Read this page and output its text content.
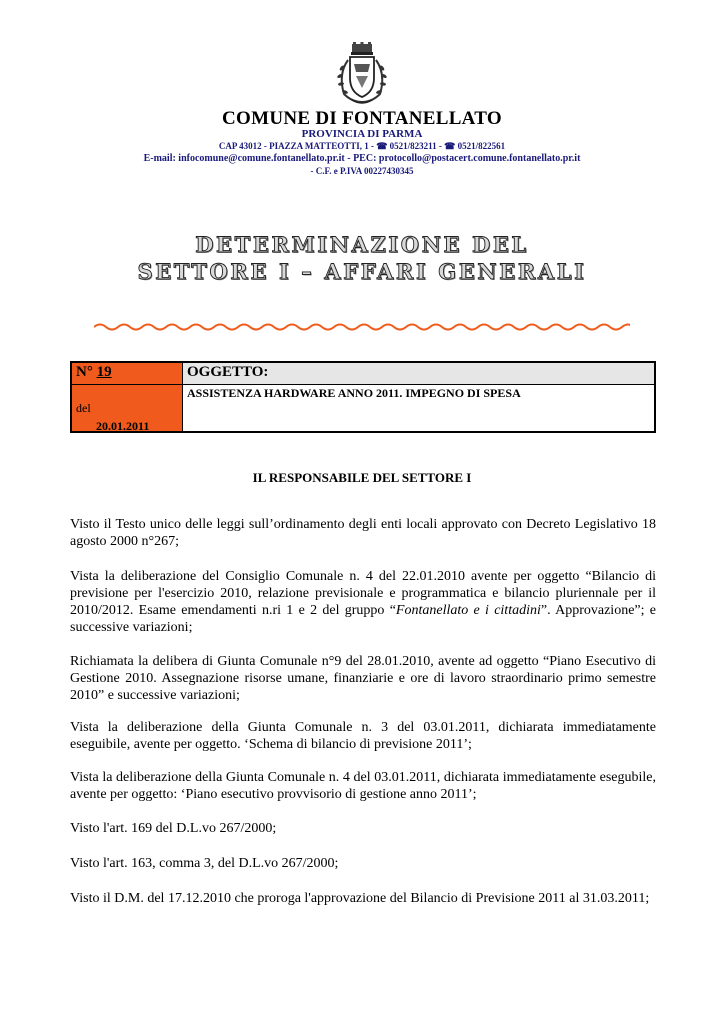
COMUNE DI FONTANELLATO
PROVINCIA DI PARMA
CAP 43012 - PIAZZA MATTEOTTI, 1 - ☎ 0521/823211 - ☎ 0521/822561
E-mail: infocomune@comune.fontanellato.pr.it - PEC: protocollo@postacert.comune.fontanellato.pr.it
- C.F. e P.IVA 00227430345
DETERMINAZIONE DEL
SETTORE I – AFFARI GENERALI
N° 19	OGGETTO:
del
20.01.2011
ASSISTENZA HARDWARE ANNO 2011. IMPEGNO DI SPESA
IL RESPONSABILE DEL SETTORE I

Visto il Testo unico delle leggi sull’ordinamento degli enti locali approvato con Decreto Legislativo 18 agosto 2000 n°267;

Vista la deliberazione del Consiglio Comunale n. 4 del 22.01.2010 avente per oggetto “Bilancio di previsione per l'esercizio 2010, relazione previsionale e programmatica e bilancio pluriennale per il 2010/2012. Esame emendamenti n.ri 1 e 2 del gruppo “Fontanellato e i cittadini”. Approvazione”; e successive variazioni;

Richiamata la delibera di Giunta Comunale n°9 del 28.01.2010, avente ad oggetto “Piano Esecutivo di Gestione 2010. Assegnazione risorse umane, finanziarie e ore di lavoro straordinario primo semestre 2010” e successive variazioni;

Vista la deliberazione della Giunta Comunale n. 3 del 03.01.2011, dichiarata immediatamente eseguibile, avente per oggetto. ‘Schema di bilancio di previsione 2011’;

Vista la deliberazione della Giunta Comunale n. 4 del 03.01.2011, dichiarata immediatamente esegubile, avente per oggetto: ‘Piano esecutivo provvisorio di gestione anno 2011’;

Visto l'art. 169 del D.L.vo 267/2000;

Visto l'art. 163, comma 3, del D.L.vo 267/2000;

Visto il D.M. del 17.12.2010 che proroga l'approvazione del Bilancio di Previsione 2011 al 31.03.2011;
